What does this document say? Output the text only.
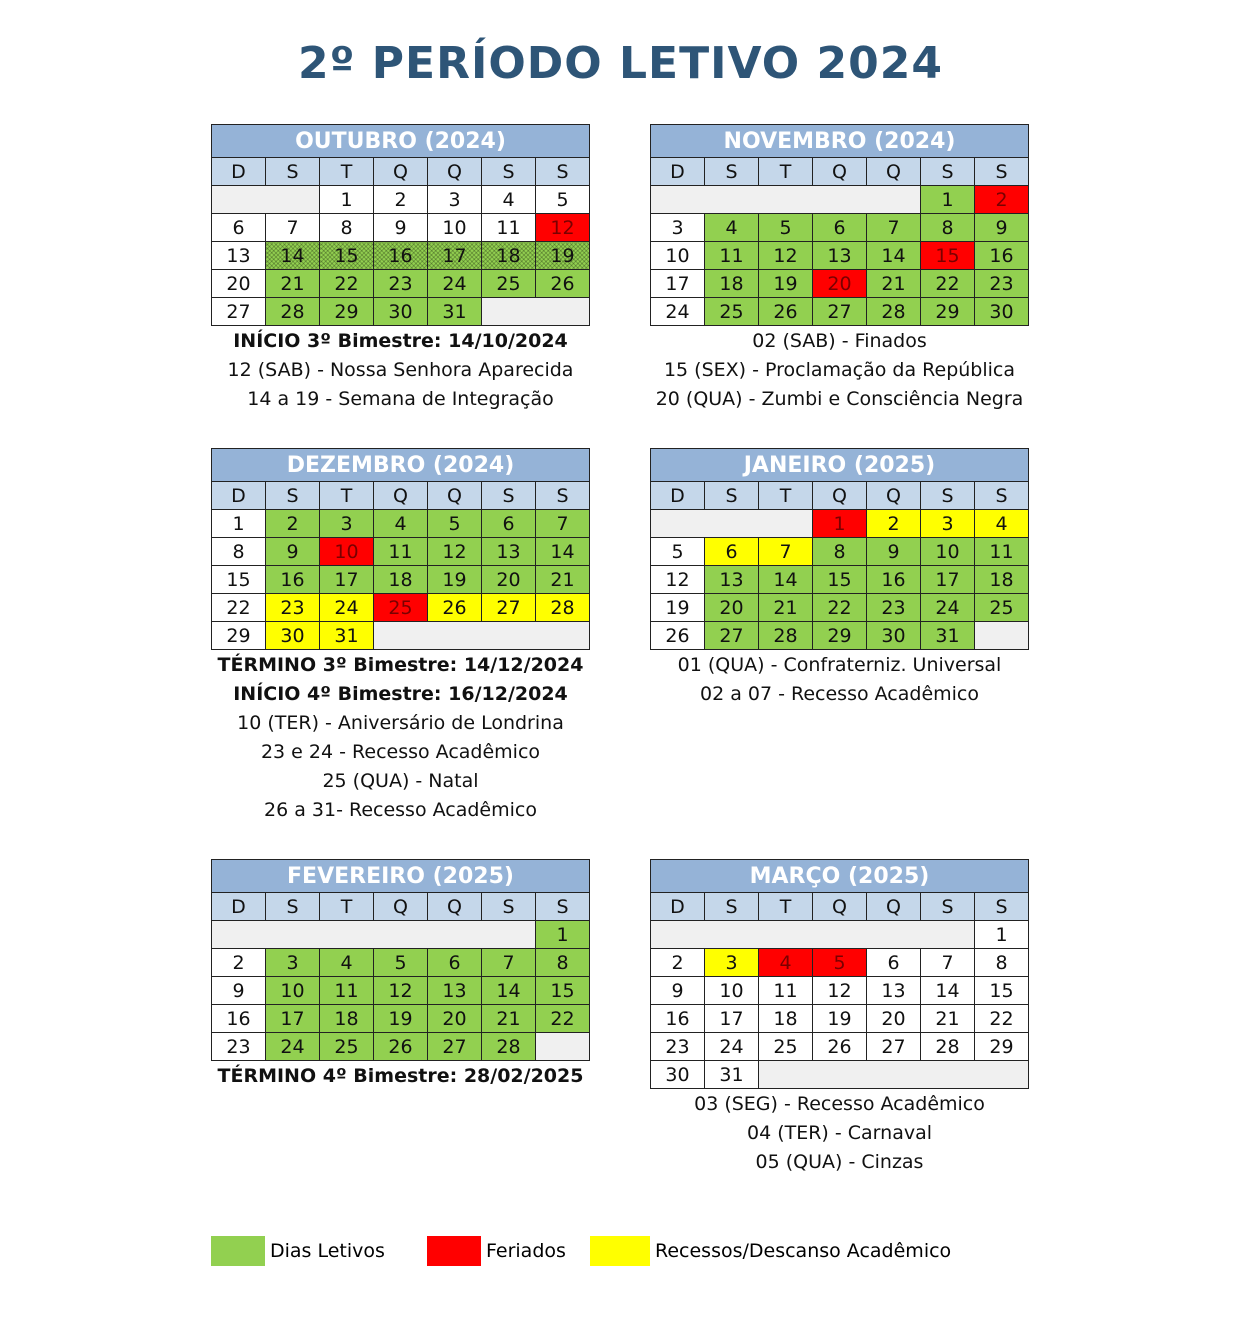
2º PERÍODO LETIVO 2024
OUTUBRO (2024)						
D	S	T	Q	Q	S	S
		1	2	3	4	5
6	7	8	9	10	11	12
13	14	15	16	17	18	19
20	21	22	23	24	25	26
27	28	29	30	31		
INÍCIO 3º Bimestre: 14/10/2024
12 (SAB) - Nossa Senhora Aparecida
14 a 19 - Semana de Integração
NOVEMBRO (2024)						
D	S	T	Q	Q	S	S
					1	2
3	4	5	6	7	8	9
10	11	12	13	14	15	16
17	18	19	20	21	22	23
24	25	26	27	28	29	30
02 (SAB) - Finados
15 (SEX) - Proclamação da República
20 (QUA) - Zumbi e Consciência Negra
DEZEMBRO (2024)						
D	S	T	Q	Q	S	S
1	2	3	4	5	6	7
8	9	10	11	12	13	14
15	16	17	18	19	20	21
22	23	24	25	26	27	28
29	30	31				
TÉRMINO 3º Bimestre: 14/12/2024
INÍCIO 4º Bimestre: 16/12/2024
10 (TER) - Aniversário de Londrina
23 e 24 - Recesso Acadêmico
25 (QUA) - Natal
26 a 31- Recesso Acadêmico
JANEIRO (2025)						
D	S	T	Q	Q	S	S
			1	2	3	4
5	6	7	8	9	10	11
12	13	14	15	16	17	18
19	20	21	22	23	24	25
26	27	28	29	30	31	
01 (QUA) - Confraterniz. Universal
02 a 07 - Recesso Acadêmico
FEVEREIRO (2025)						
D	S	T	Q	Q	S	S
						1
2	3	4	5	6	7	8
9	10	11	12	13	14	15
16	17	18	19	20	21	22
23	24	25	26	27	28	
TÉRMINO 4º Bimestre: 28/02/2025
MARÇO (2025)						
D	S	T	Q	Q	S	S
						1
2	3	4	5	6	7	8
9	10	11	12	13	14	15
16	17	18	19	20	21	22
23	24	25	26	27	28	29
30	31					
03 (SEG) - Recesso Acadêmico
04 (TER) - Carnaval
05 (QUA) - Cinzas
Dias Letivos	Feriados	Recessos/Descanso Acadêmico
